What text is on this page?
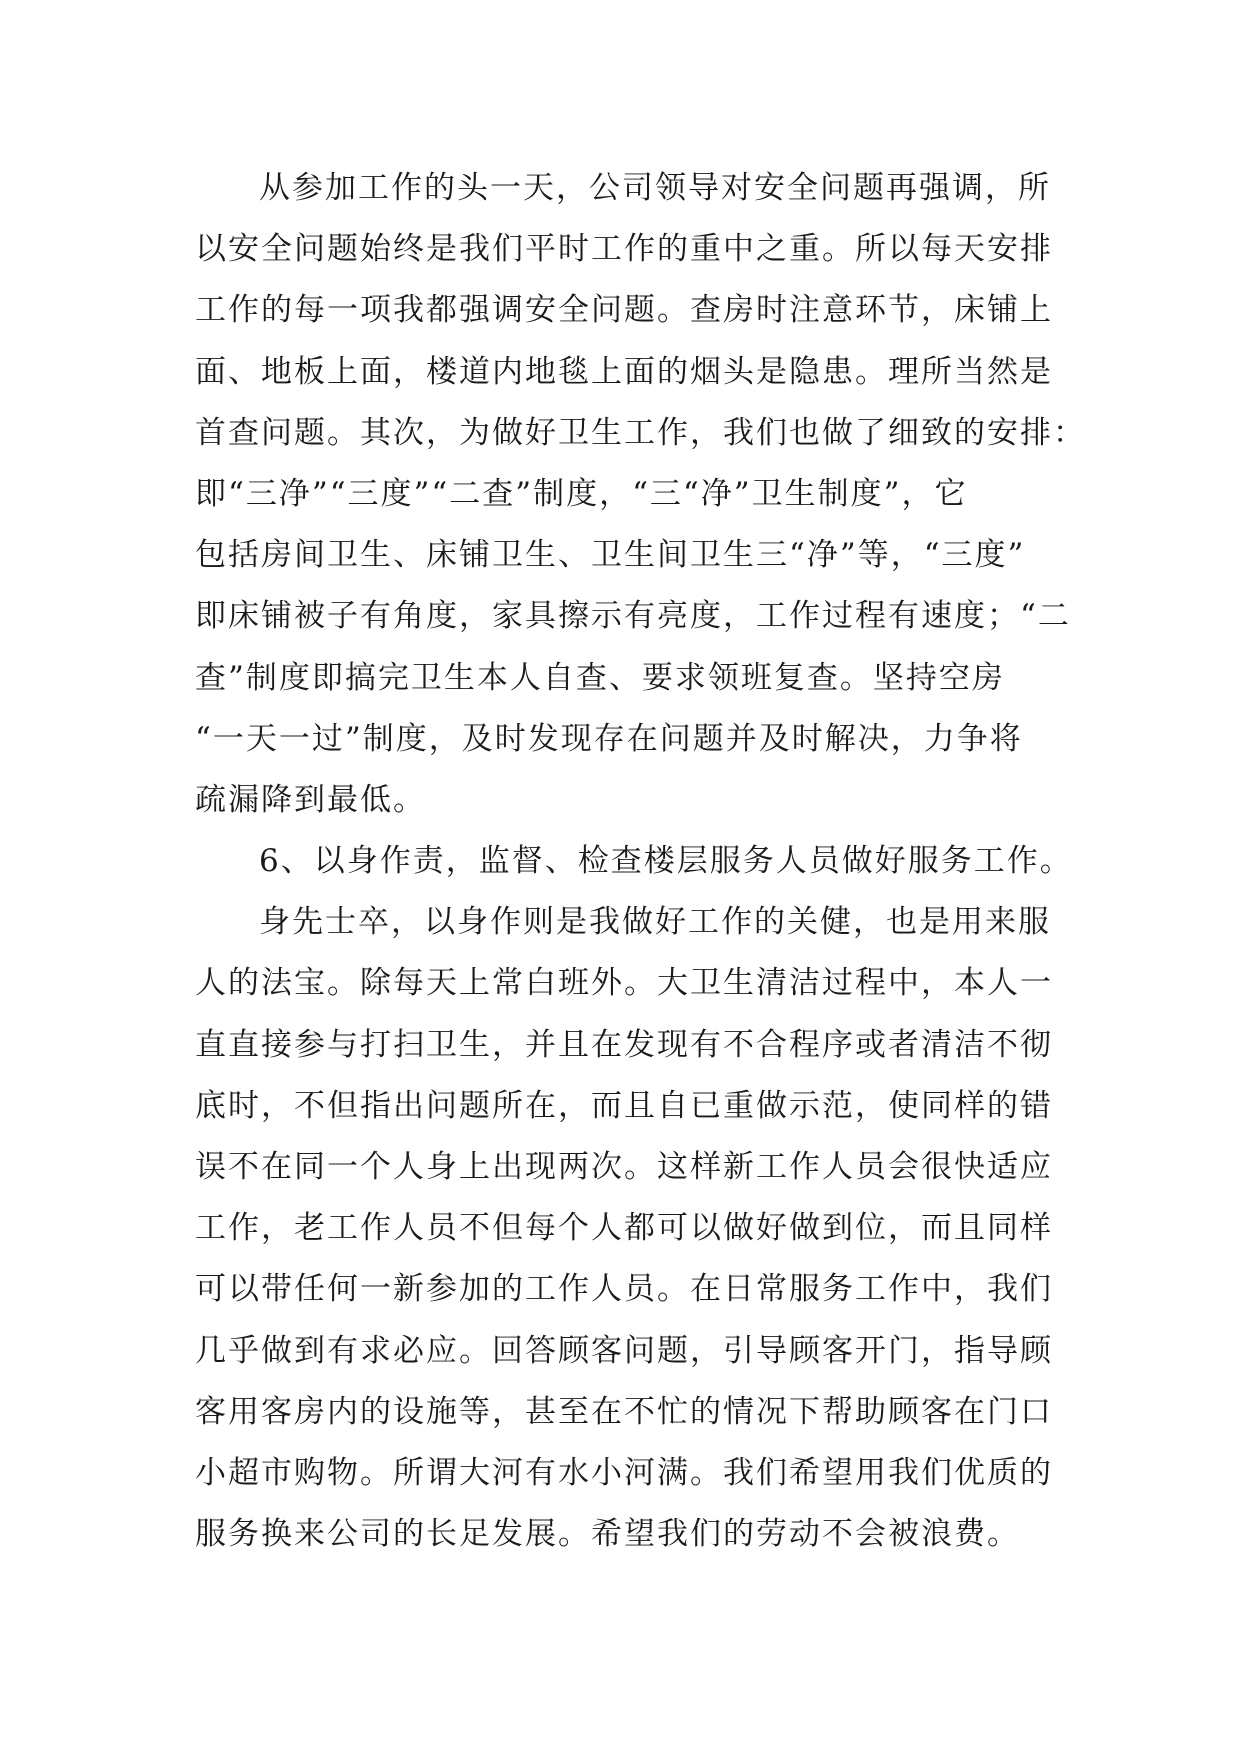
从参加工作的头一天，公司领导对安全问题再强调，所
以安全问题始终是我们平时工作的重中之重。所以每天安排
工作的每一项我都强调安全问题。查房时注意环节，床铺上
面、地板上面，楼道内地毯上面的烟头是隐患。理所当然是
首查问题。其次，为做好卫生工作，我们也做了细致的安排：
即“三净”“三度”“二查”制度，“三“净”卫生制度”，它
包括房间卫生、床铺卫生、卫生间卫生三“净”等，“三度”
即床铺被子有角度，家具擦示有亮度，工作过程有速度；“二
查”制度即搞完卫生本人自查、要求领班复查。坚持空房
“一天一过”制度，及时发现存在问题并及时解决，力争将
疏漏降到最低。
6、以身作责，监督、检查楼层服务人员做好服务工作。
身先士卒，以身作则是我做好工作的关健，也是用来服
人的法宝。除每天上常白班外。大卫生清洁过程中，本人一
直直接参与打扫卫生，并且在发现有不合程序或者清洁不彻
底时，不但指出问题所在，而且自已重做示范，使同样的错
误不在同一个人身上出现两次。这样新工作人员会很快适应
工作，老工作人员不但每个人都可以做好做到位，而且同样
可以带任何一新参加的工作人员。在日常服务工作中，我们
几乎做到有求必应。回答顾客问题，引导顾客开门，指导顾
客用客房内的设施等，甚至在不忙的情况下帮助顾客在门口
小超市购物。所谓大河有水小河满。我们希望用我们优质的
服务换来公司的长足发展。希望我们的劳动不会被浪费。
